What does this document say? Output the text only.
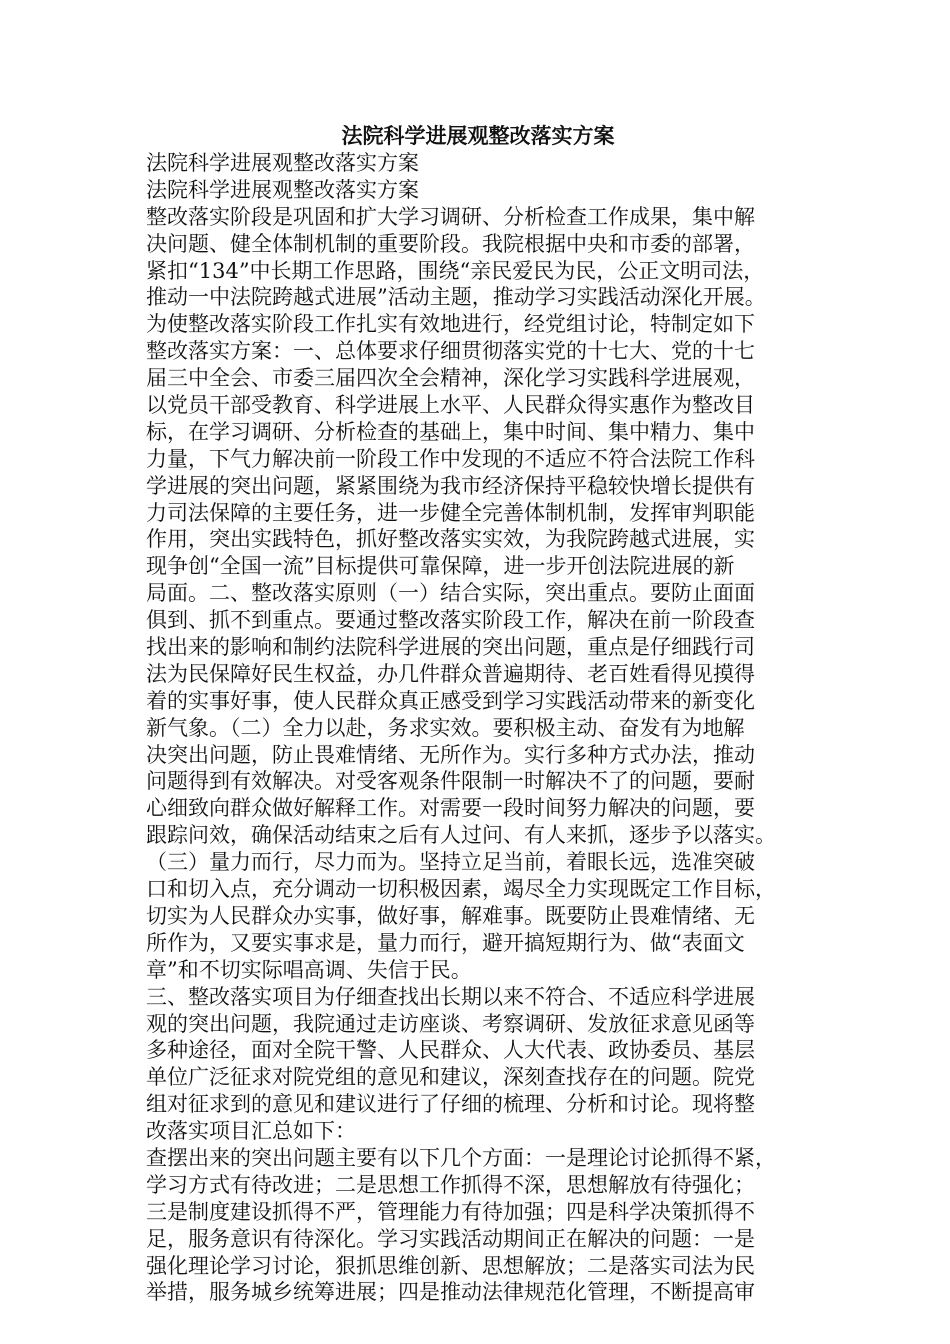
法院科学进展观整改落实方案
法院科学进展观整改落实方案
法院科学进展观整改落实方案
整改落实阶段是巩固和扩大学习调研、分析检查工作成果，集中解
决问题、健全体制机制的重要阶段。我院根据中央和市委的部署，
紧扣“134”中长期工作思路，围绕“亲民爱民为民，公正文明司法，
推动一中法院跨越式进展”活动主题，推动学习实践活动深化开展。
为使整改落实阶段工作扎实有效地进行，经党组讨论，特制定如下
整改落实方案：一、总体要求仔细贯彻落实党的十七大、党的十七
届三中全会、市委三届四次全会精神，深化学习实践科学进展观，
以党员干部受教育、科学进展上水平、人民群众得实惠作为整改目
标，在学习调研、分析检查的基础上，集中时间、集中精力、集中
力量，下气力解决前一阶段工作中发现的不适应不符合法院工作科
学进展的突出问题，紧紧围绕为我市经济保持平稳较快增长提供有
力司法保障的主要任务，进一步健全完善体制机制，发挥审判职能
作用，突出实践特色，抓好整改落实实效，为我院跨越式进展，实
现争创“全国一流”目标提供可靠保障，进一步开创法院进展的新
局面。二、整改落实原则（一）结合实际，突出重点。要防止面面
俱到、抓不到重点。要通过整改落实阶段工作，解决在前一阶段查
找出来的影响和制约法院科学进展的突出问题，重点是仔细践行司
法为民保障好民生权益，办几件群众普遍期待、老百姓看得见摸得
着的实事好事，使人民群众真正感受到学习实践活动带来的新变化
新气象。（二）全力以赴，务求实效。要积极主动、奋发有为地解
决突出问题，防止畏难情绪、无所作为。实行多种方式办法，推动
问题得到有效解决。对受客观条件限制一时解决不了的问题，要耐
心细致向群众做好解释工作。对需要一段时间努力解决的问题，要
跟踪问效，确保活动结束之后有人过问、有人来抓，逐步予以落实。
（三）量力而行，尽力而为。坚持立足当前，着眼长远，选准突破
口和切入点，充分调动一切积极因素，竭尽全力实现既定工作目标，
切实为人民群众办实事，做好事，解难事。既要防止畏难情绪、无
所作为，又要实事求是，量力而行，避开搞短期行为、做“表面文
章”和不切实际唱高调、失信于民。
三、整改落实项目为仔细查找出长期以来不符合、不适应科学进展
观的突出问题，我院通过走访座谈、考察调研、发放征求意见函等
多种途径，面对全院干警、人民群众、人大代表、政协委员、基层
单位广泛征求对院党组的意见和建议，深刻查找存在的问题。院党
组对征求到的意见和建议进行了仔细的梳理、分析和讨论。现将整
改落实项目汇总如下：
查摆出来的突出问题主要有以下几个方面：一是理论讨论抓得不紧，
学习方式有待改进；二是思想工作抓得不深，思想解放有待强化；
三是制度建设抓得不严，管理能力有待加强；四是科学决策抓得不
足，服务意识有待深化。学习实践活动期间正在解决的问题：一是
强化理论学习讨论，狠抓思维创新、思想解放；二是落实司法为民
举措，服务城乡统筹进展；四是推动法律规范化管理，不断提高审
